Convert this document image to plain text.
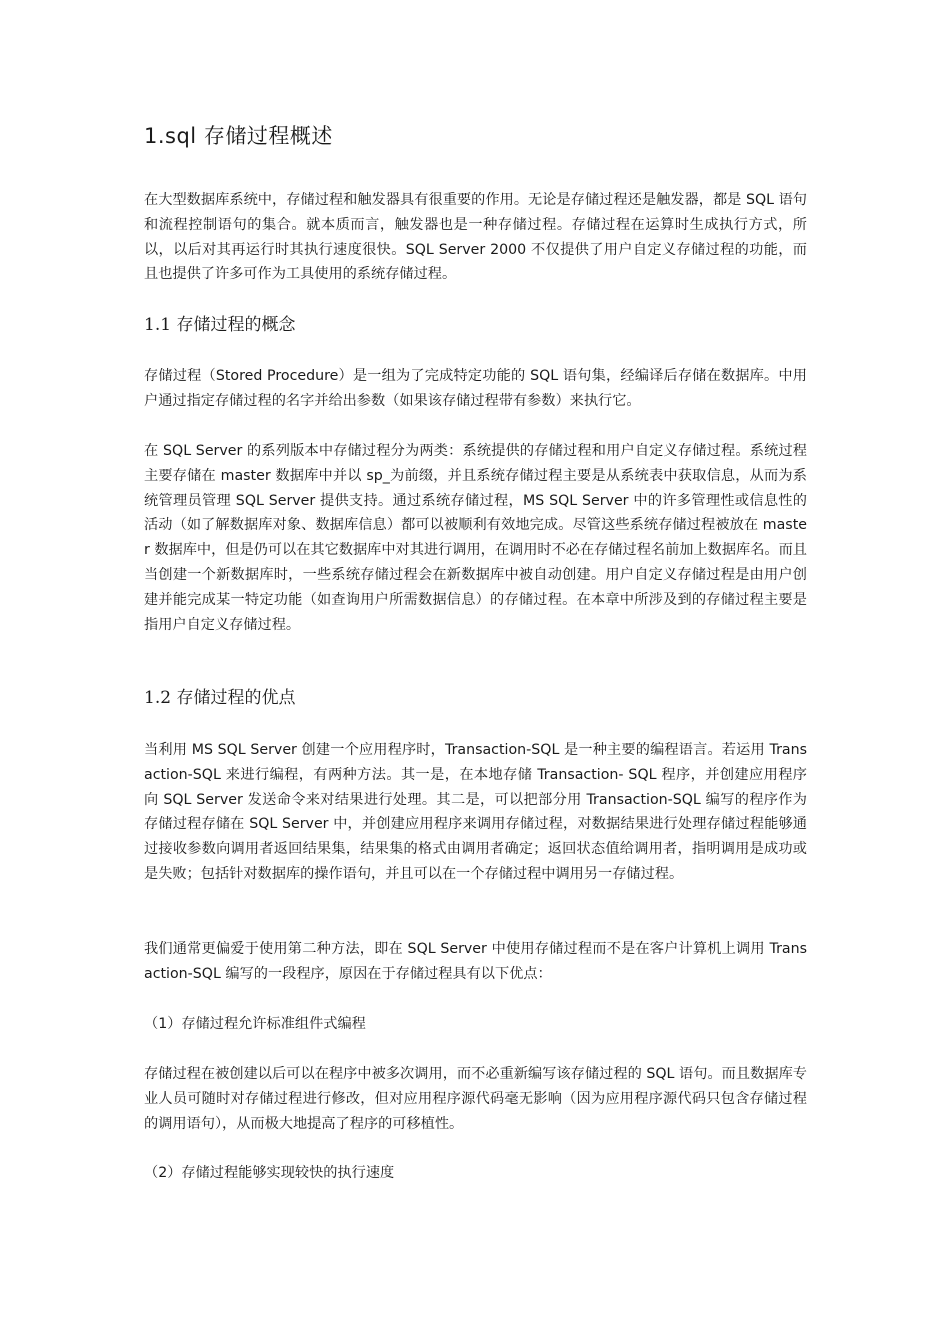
1.sql 存储过程概述

在大型数据库系统中，存储过程和触发器具有很重要的作用。无论是存储过程还是触发器，都是 SQL 语句和流程控制语句的集合。就本质而言，触发器也是一种存储过程。存储过程在运算时生成执行方式，所以，以后对其再运行时其执行速度很快。SQL Server 2000 不仅提供了用户自定义存储过程的功能，而且也提供了许多可作为工具使用的系统存储过程。

1.1 存储过程的概念

存储过程（Stored Procedure）是一组为了完成特定功能的 SQL 语句集，经编译后存储在数据库。中用户通过指定存储过程的名字并给出参数（如果该存储过程带有参数）来执行它。

在 SQL Server 的系列版本中存储过程分为两类：系统提供的存储过程和用户自定义存储过程。系统过程主要存储在 master 数据库中并以 sp_为前缀，并且系统存储过程主要是从系统表中获取信息，从而为系统管理员管理 SQL Server 提供支持。通过系统存储过程，MS SQL Server 中的许多管理性或信息性的活动（如了解数据库对象、数据库信息）都可以被顺利有效地完成。尽管这些系统存储过程被放在 master 数据库中，但是仍可以在其它数据库中对其进行调用，在调用时不必在存储过程名前加上数据库名。而且当创建一个新数据库时，一些系统存储过程会在新数据库中被自动创建。用户自定义存储过程是由用户创建并能完成某一特定功能（如查询用户所需数据信息）的存储过程。在本章中所涉及到的存储过程主要是指用户自定义存储过程。

1.2 存储过程的优点

当利用 MS SQL Server 创建一个应用程序时，Transaction-SQL 是一种主要的编程语言。若运用 Transaction-SQL 来进行编程，有两种方法。其一是，在本地存储 Transaction- SQL 程序，并创建应用程序向 SQL Server 发送命令来对结果进行处理。其二是，可以把部分用 Transaction-SQL 编写的程序作为存储过程存储在 SQL Server 中，并创建应用程序来调用存储过程，对数据结果进行处理存储过程能够通过接收参数向调用者返回结果集，结果集的格式由调用者确定；返回状态值给调用者，指明调用是成功或是失败；包括针对数据库的操作语句，并且可以在一个存储过程中调用另一存储过程。

我们通常更偏爱于使用第二种方法，即在 SQL Server 中使用存储过程而不是在客户计算机上调用 Transaction-SQL 编写的一段程序，原因在于存储过程具有以下优点：

（1）存储过程允许标准组件式编程

存储过程在被创建以后可以在程序中被多次调用，而不必重新编写该存储过程的 SQL 语句。而且数据库专业人员可随时对存储过程进行修改，但对应用程序源代码毫无影响（因为应用程序源代码只包含存储过程的调用语句），从而极大地提高了程序的可移植性。

（2）存储过程能够实现较快的执行速度
